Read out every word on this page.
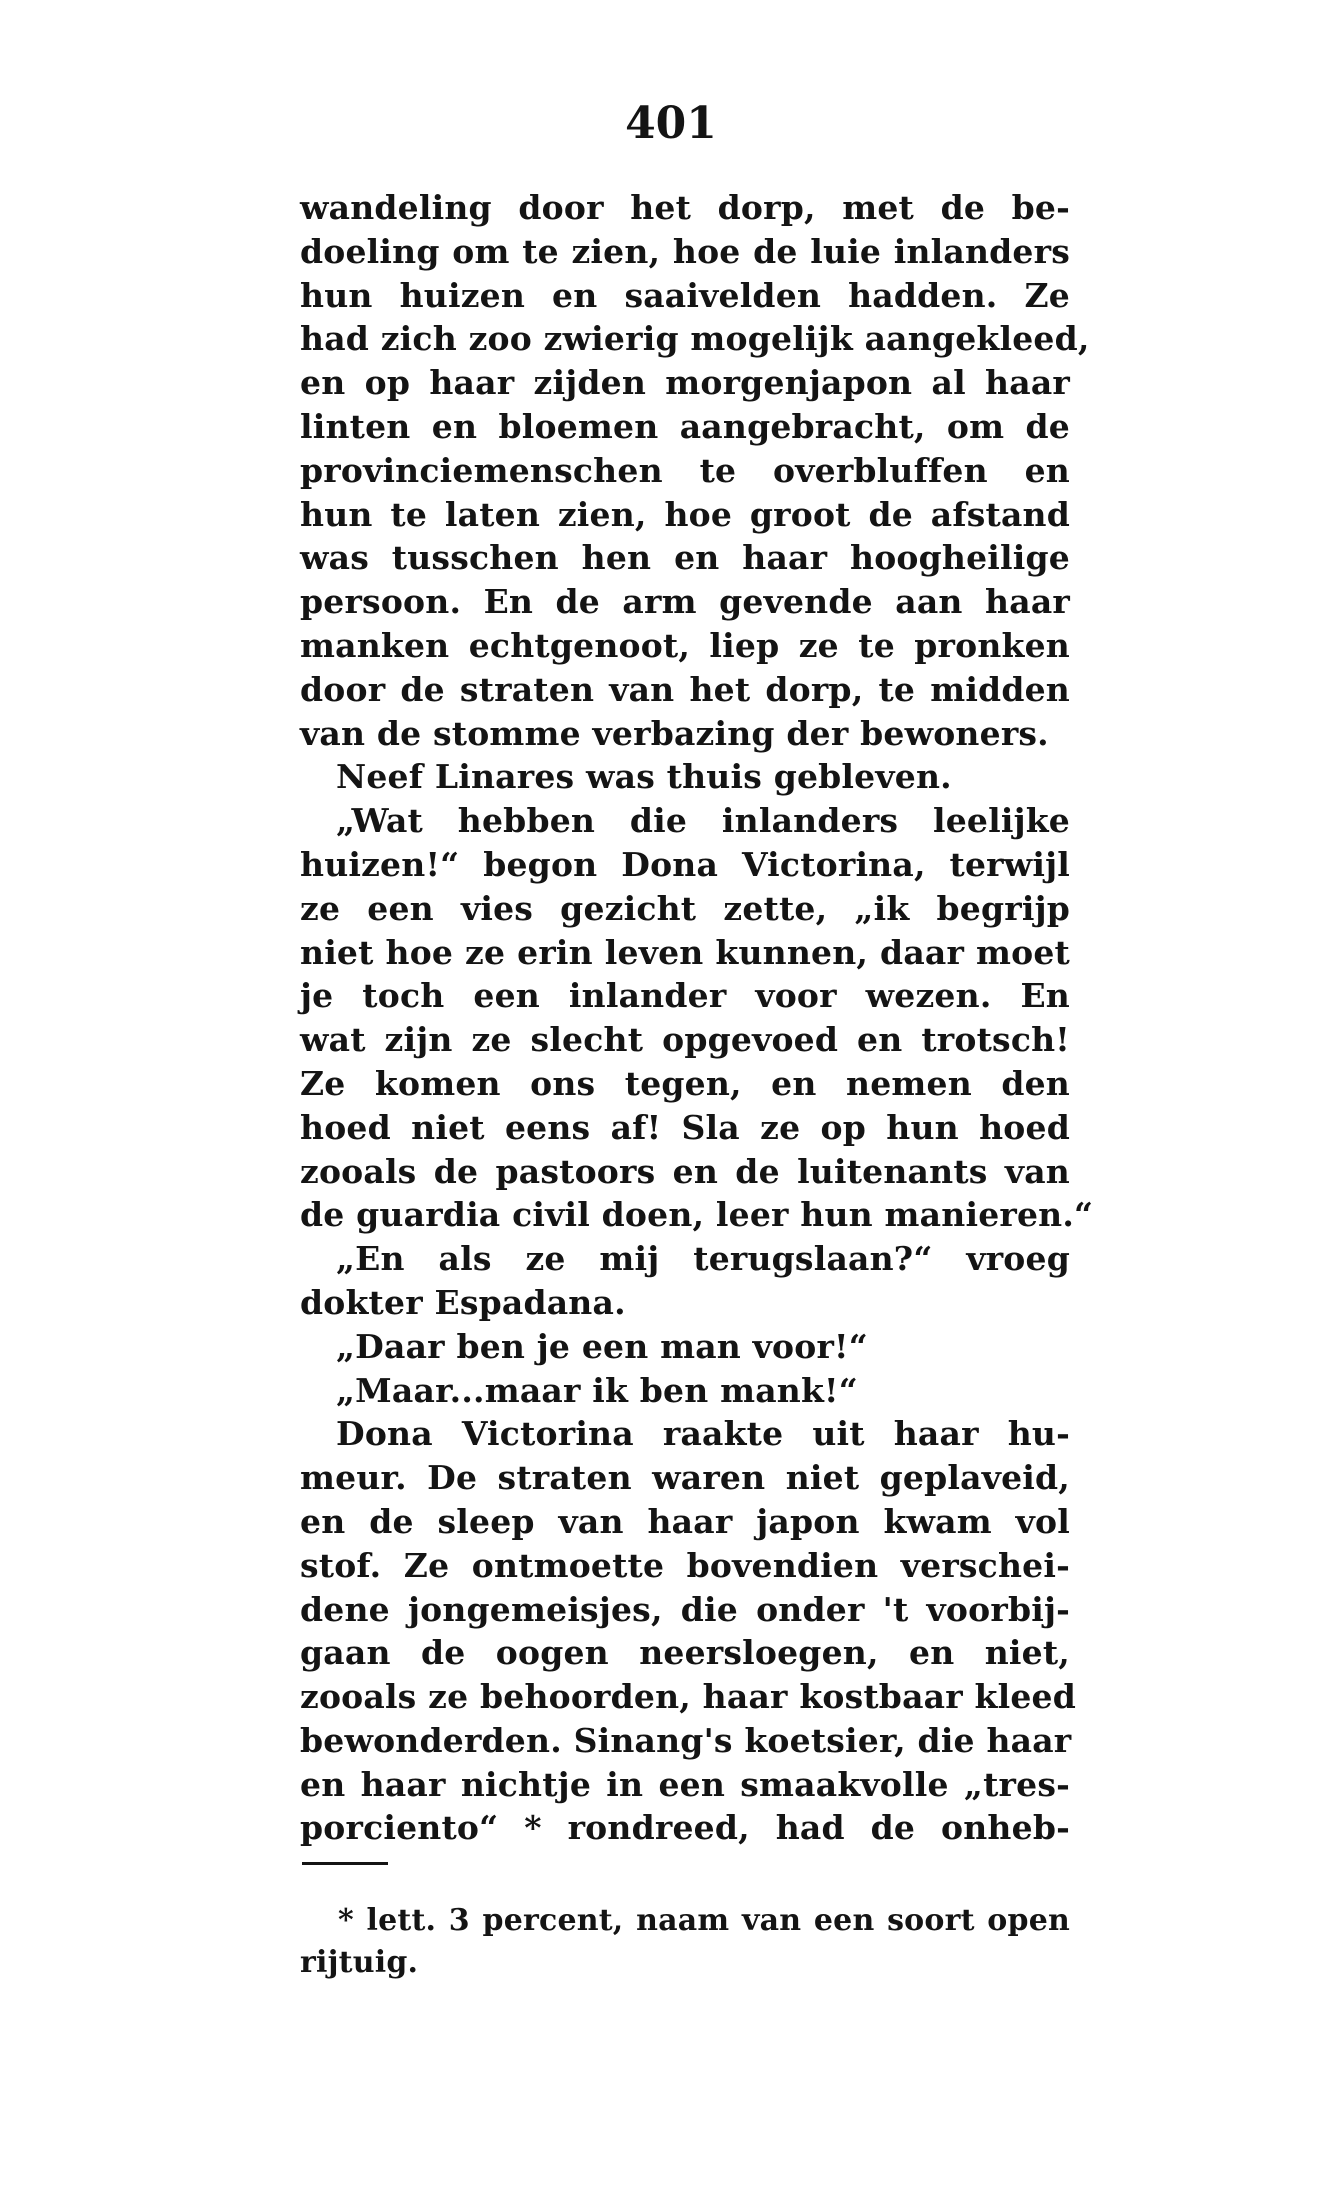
401
wandeling door het dorp, met de be-
doeling om te zien, hoe de luie inlanders
hun huizen en saaivelden hadden. Ze
had zich zoo zwierig mogelijk aangekleed,
en op haar zijden morgenjapon al haar
linten en bloemen aangebracht, om de
provinciemenschen te overbluffen en
hun te laten zien, hoe groot de afstand
was tusschen hen en haar hoogheilige
persoon. En de arm gevende aan haar
manken echtgenoot, liep ze te pronken
door de straten van het dorp, te midden
van de stomme verbazing der bewoners.
Neef Linares was thuis gebleven.
„Wat hebben die inlanders leelijke
huizen!“ begon Dona Victorina, terwijl
ze een vies gezicht zette, „ik begrijp
niet hoe ze erin leven kunnen, daar moet
je toch een inlander voor wezen. En
wat zijn ze slecht opgevoed en trotsch!
Ze komen ons tegen, en nemen den
hoed niet eens af! Sla ze op hun hoed
zooals de pastoors en de luitenants van
de guardia civil doen, leer hun manieren.“
„En als ze mij terugslaan?“ vroeg
dokter Espadana.
„Daar ben je een man voor!“
„Maar...maar ik ben mank!“
Dona Victorina raakte uit haar hu-
meur. De straten waren niet geplaveid,
en de sleep van haar japon kwam vol
stof. Ze ontmoette bovendien verschei-
dene jongemeisjes, die onder 't voorbij-
gaan de oogen neersloegen, en niet,
zooals ze behoorden, haar kostbaar kleed
bewonderden. Sinang's koetsier, die haar
en haar nichtje in een smaakvolle „tres-
porciento“ * rondreed, had de onheb-
* lett. 3 percent, naam van een soort open
rijtuig.
